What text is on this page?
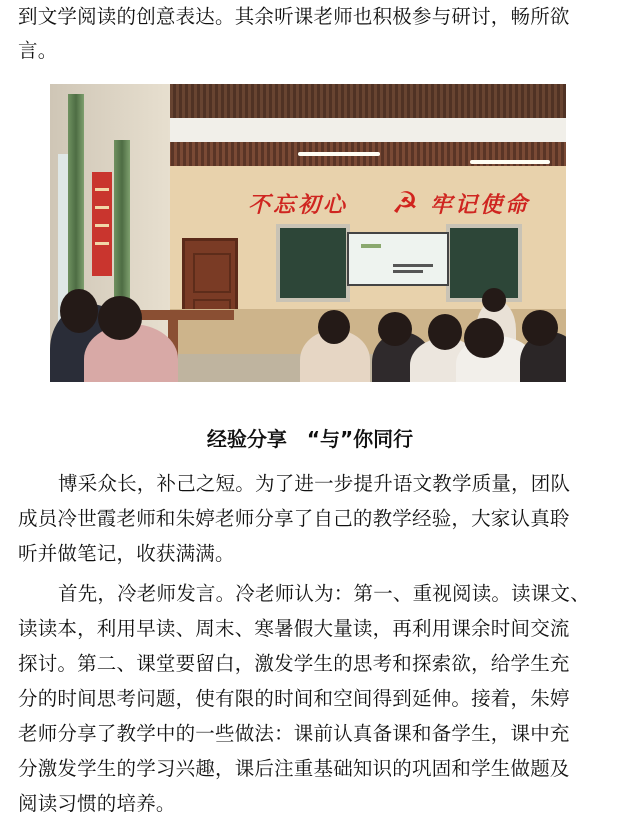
到文学阅读的创意表达。其余听课老师也积极参与研讨，畅所欲
言。
不忘初心 ☭ 牢记使命
经验分享　“与”你同行
博采众长，补己之短。为了进一步提升语文教学质量，团队
成员冷世霞老师和朱婷老师分享了自己的教学经验，大家认真聆
听并做笔记，收获满满。
首先，冷老师发言。冷老师认为：第一、重视阅读。读课文、
读读本，利用早读、周末、寒暑假大量读，再利用课余时间交流
探讨。第二、课堂要留白，激发学生的思考和探索欲，给学生充
分的时间思考问题，使有限的时间和空间得到延伸。接着，朱婷
老师分享了教学中的一些做法：课前认真备课和备学生，课中充
分激发学生的学习兴趣，课后注重基础知识的巩固和学生做题及
阅读习惯的培养。
